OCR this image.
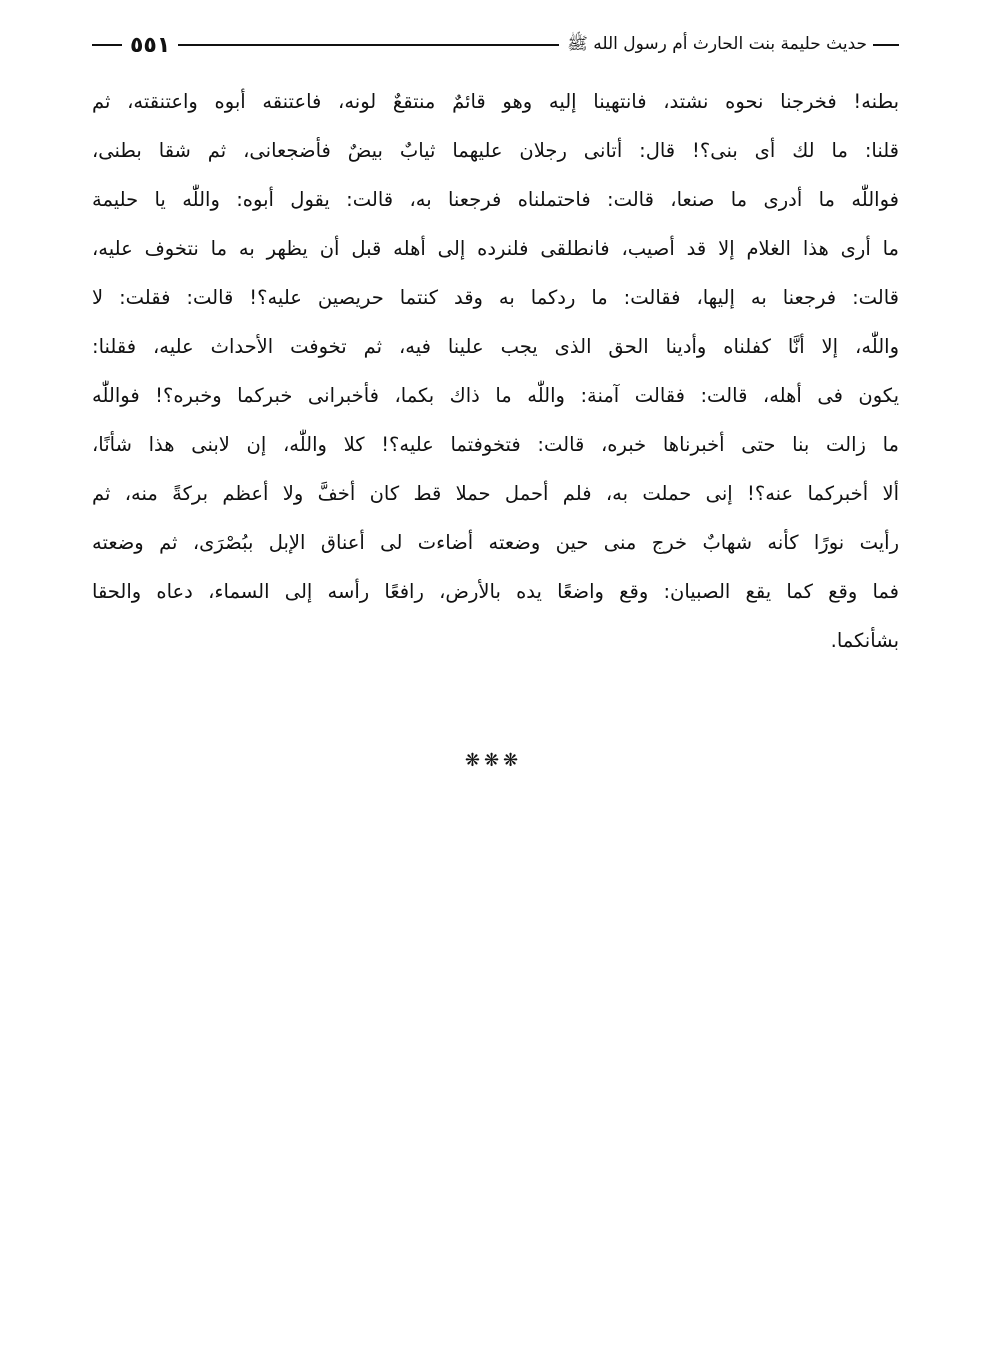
حديث حليمة بنت الحارث أم رسول الله ﷺ
٥٥١
بطنه! فخرجنا نحوه نشتد، فانتهينا إليه وهو قائمٌ منتقعٌ لونه، فاعتنقه أبوه واعتنقته، ثم
قلنا: ما لك أى بنى؟! قال: أتانى رجلان عليهما ثيابٌ بيضٌ فأضجعانى، ثم شقا بطنى،
فواللّٰه ما أدرى ما صنعا، قالت: فاحتملناه فرجعنا به، قالت: يقول أبوه: واللّٰه يا حليمة
ما أرى هذا الغلام إلا قد أصيب، فانطلقى فلنرده إلى أهله قبل أن يظهر به ما نتخوف عليه،
قالت: فرجعنا به إليها، فقالت: ما ردكما به وقد كنتما حريصين عليه؟! قالت: فقلت: لا
واللّٰه، إلا أنَّا كفلناه وأدينا الحق الذى يجب علينا فيه، ثم تخوفت الأحداث عليه، فقلنا:
يكون فى أهله، قالت: فقالت آمنة: واللّٰه ما ذاك بكما، فأخبرانى خبركما وخبره؟! فواللّٰه
ما زالت بنا حتى أخبرناها خبره، قالت: فتخوفتما عليه؟! كلا واللّٰه، إن لابنى هذا شأنًا،
ألا أخبركما عنه؟! إنى حملت به، فلم أحمل حملا قط كان أخفَّ ولا أعظم بركةً منه، ثم
رأيت نورًا كأنه شهابٌ خرج منى حين وضعته أضاءت لى أعناق الإبل ببُصْرَى، ثم وضعته
فما وقع كما يقع الصبيان: وقع واضعًا يده بالأرض، رافعًا رأسه إلى السماء، دعاه والحقا
بشأنكما.
❋❋❋
